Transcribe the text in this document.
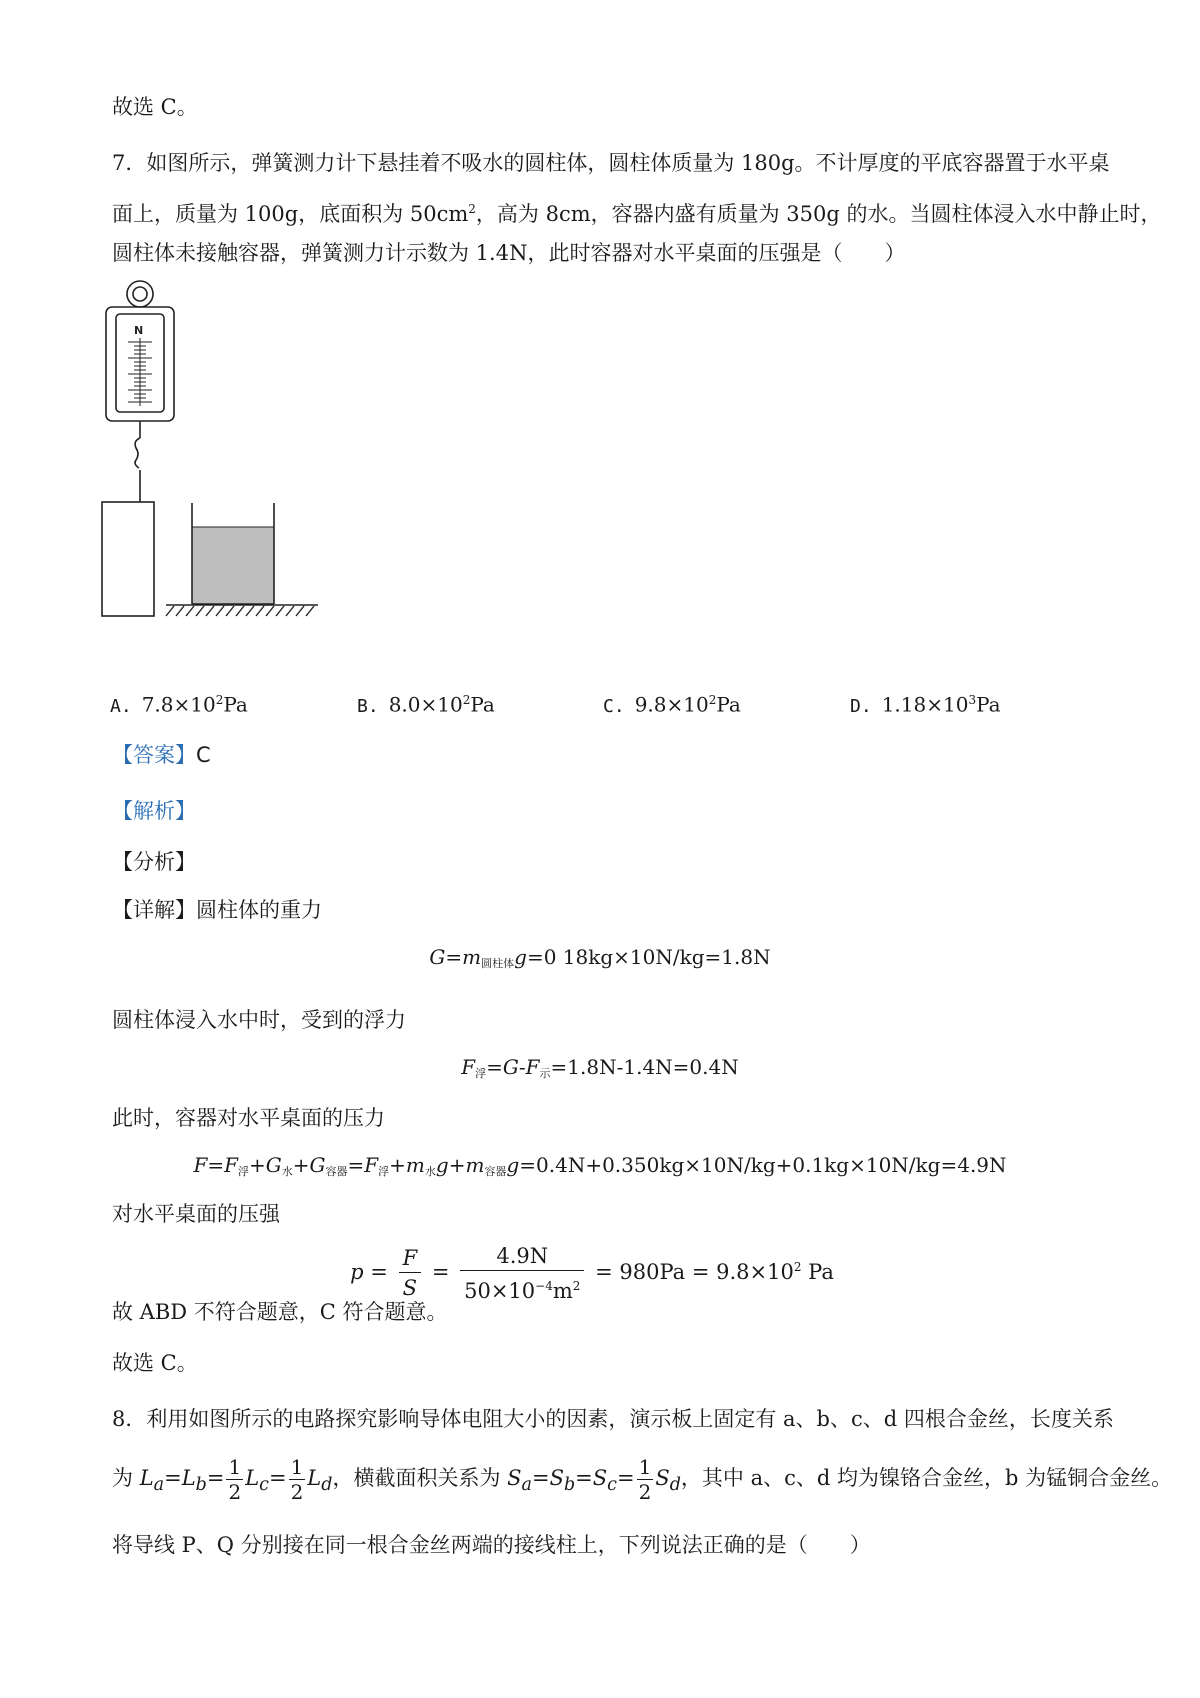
故选 C。
7．如图所示，弹簧测力计下悬挂着不吸水的圆柱体，圆柱体质量为 180g。不计厚度的平底容器置于水平桌
面上，质量为 100g，底面积为 $50cm^2$，高为 8cm，容器内盛有质量为 350g 的水。当圆柱体浸入水中静止时，
圆柱体未接触容器，弹簧测力计示数为 1.4N，此时容器对水平桌面的压强是（　　）
N
A. $7.8\times 10^2Pa$	B. $8.0\times 10^2Pa$	C. $9.8\times 10^2Pa$	D. $1.18\times 10^3Pa$
【答案】C
【解析】
【分析】
【详解】圆柱体的重力
$G=m_{圆柱体}g=0$ 18kg×10N/kg=1.8N
圆柱体浸入水中时，受到的浮力
$F_浮=G-F_示=1.8N-1.4N=0.4N$
此时，容器对水平桌面的压力
$F=F_浮+G_水+G_{容器}=F_浮+m_水g+m_{容器}g=0.4N+0.350kg\times 10N/kg+0.1kg\times 10N/kg=4.9N$
对水平桌面的压强
$p = \frac{F}{S} = \frac{4.9N}{50\times 10^{-4}m^2} = 980Pa = 9.8\times 10^2$ Pa
故 ABD 不符合题意，C 符合题意。
故选 C。
8．利用如图所示的电路探究影响导体电阻大小的因素，演示板上固定有 a、b、c、d 四根合金丝，长度关系
为 $L_a=L_b= \frac{1}{2} L_c= \frac{1}{2} L_d$，横截面积关系为 $S_a=S_b=S_c= \frac{1}{2} S_d$，其中 a、c、d 均为镍铬合金丝，b 为锰铜合金丝。
将导线 P、Q 分别接在同一根合金丝两端的接线柱上，下列说法正确的是（　　）
